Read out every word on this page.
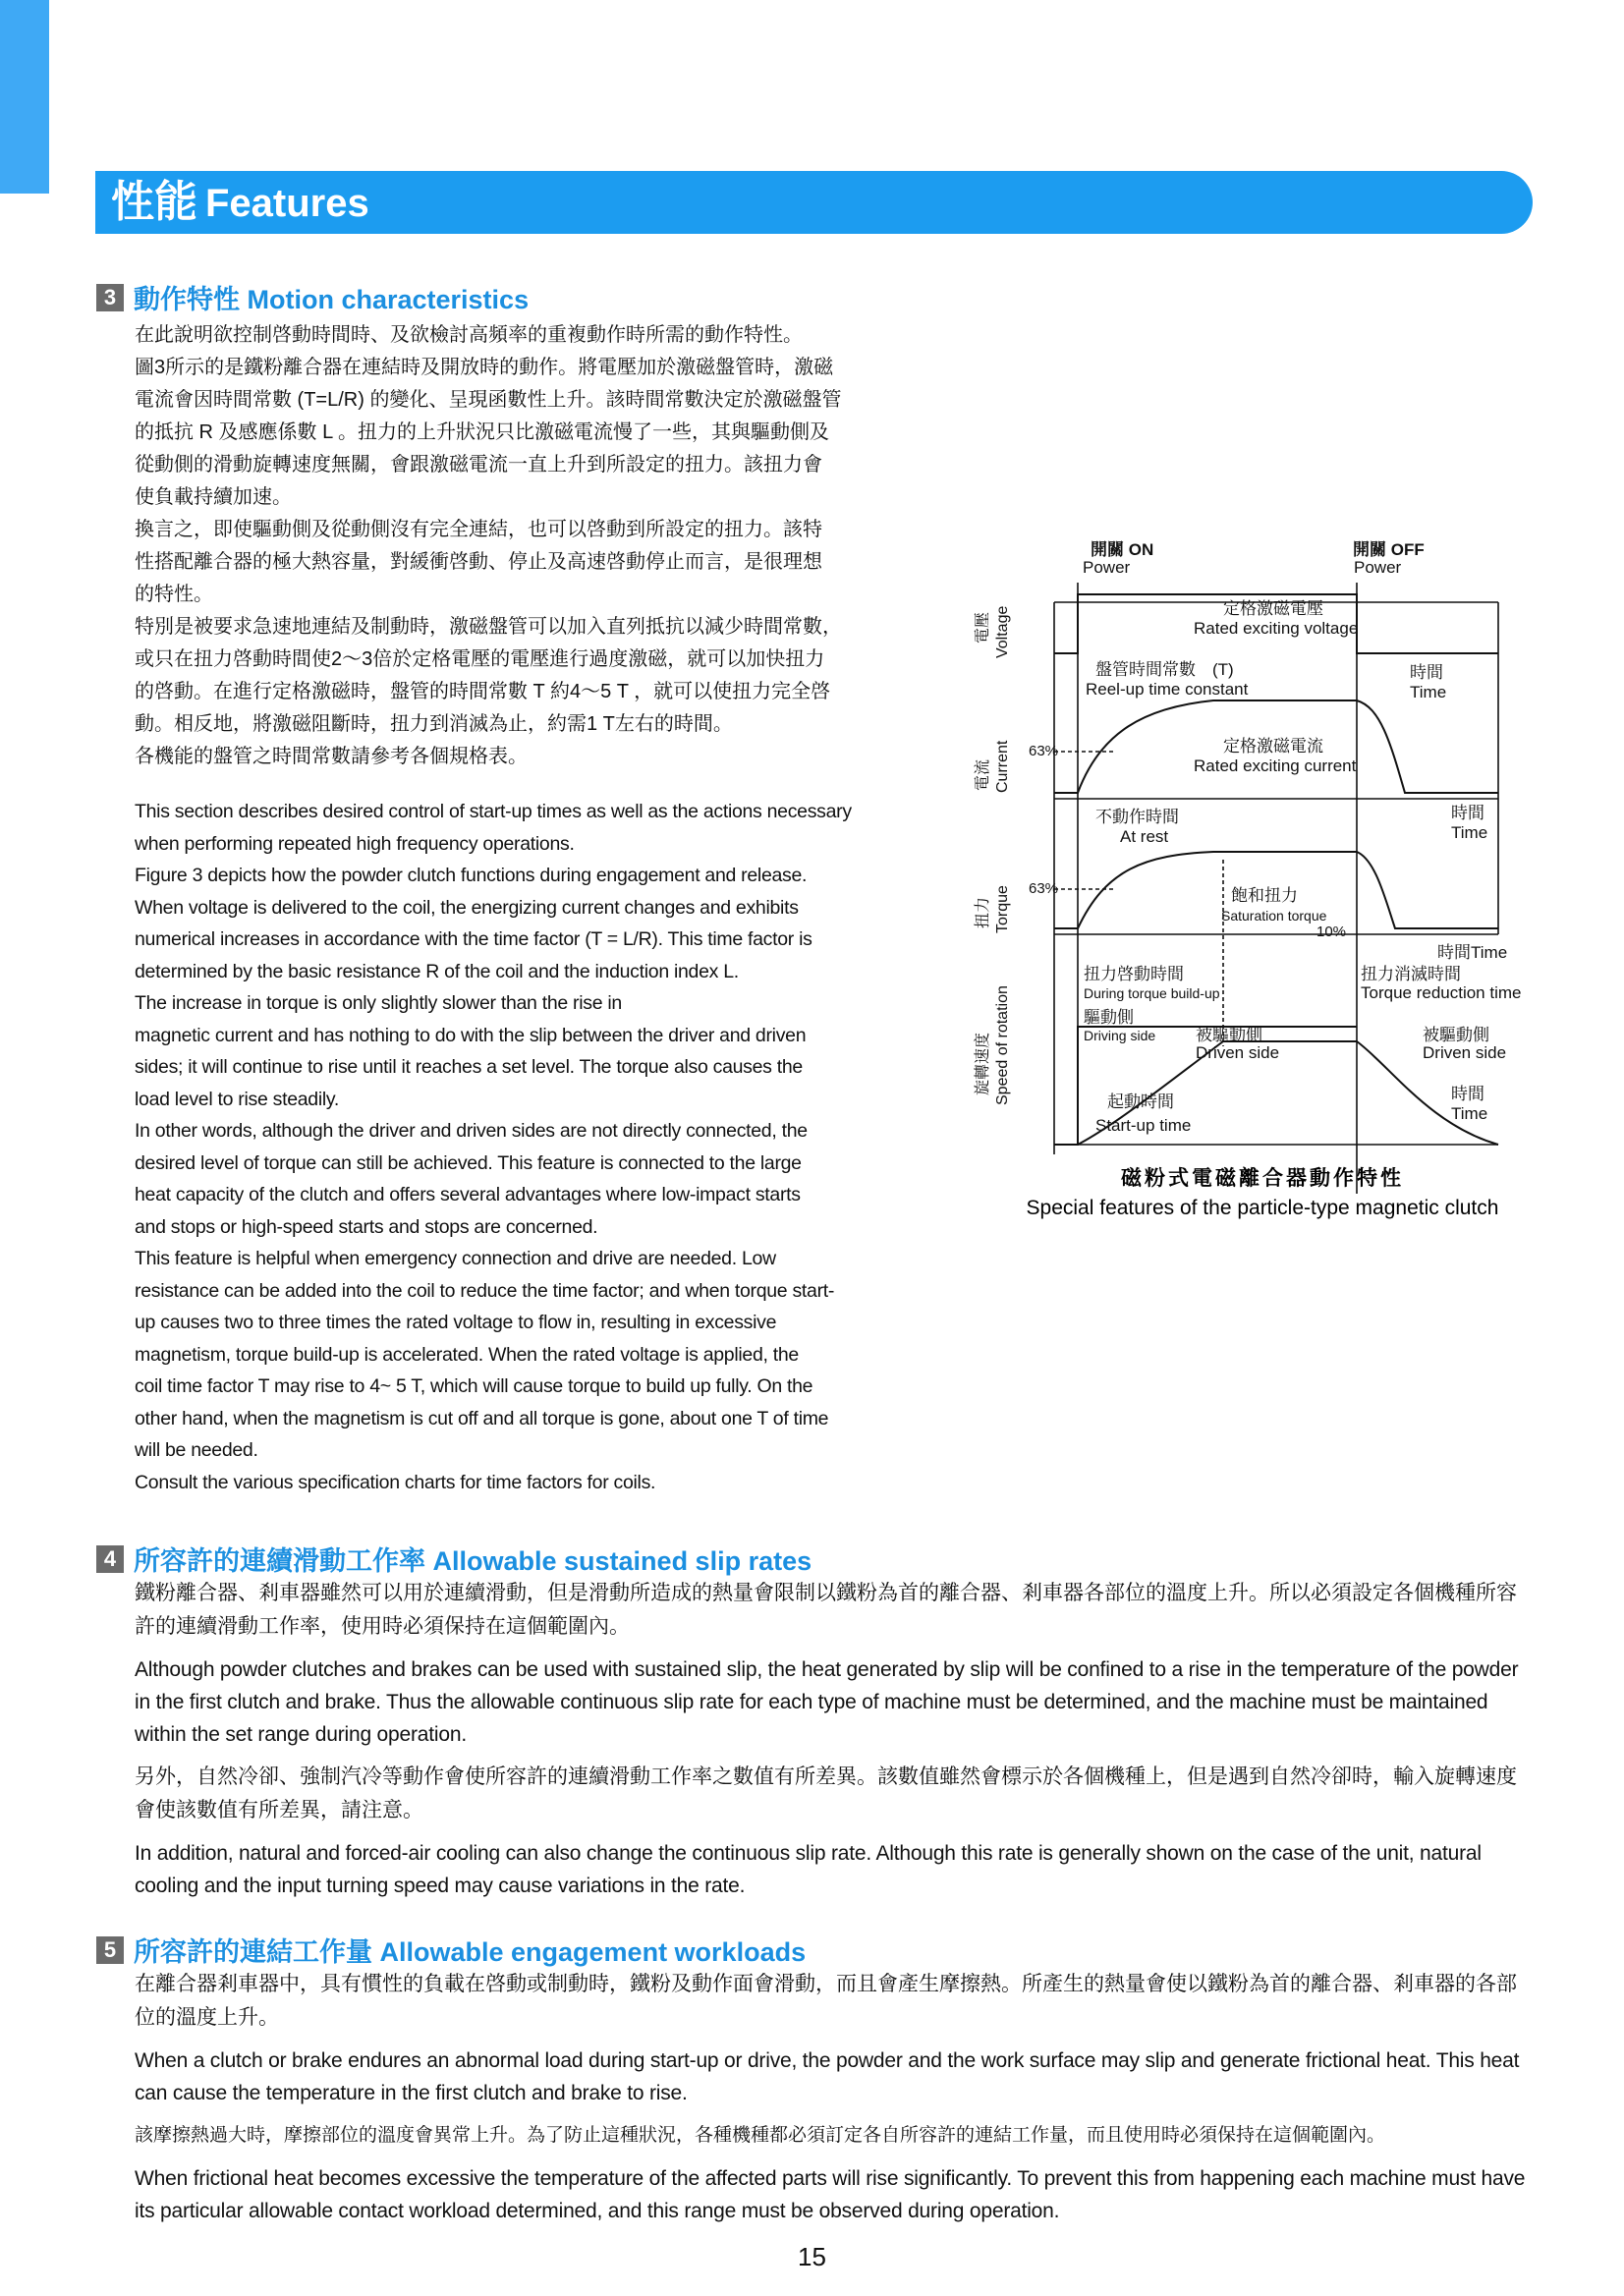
性能 Features
3 動作特性 Motion characteristics

在此說明欲控制啓動時間時、及欲檢討高頻率的重複動作時所需的動作特性。

圖3所示的是鐵粉離合器在連結時及開放時的動作。將電壓加於激磁盤管時，激磁

電流會因時間常數 (T=L/R) 的變化、呈現函數性上升。該時間常數決定於激磁盤管

的抵抗 R 及感應係數 L 。扭力的上升狀況只比激磁電流慢了一些，其與驅動側及

從動側的滑動旋轉速度無關，會跟激磁電流一直上升到所設定的扭力。該扭力會

使負載持續加速。

換言之，即使驅動側及從動側沒有完全連結，也可以啓動到所設定的扭力。該特

性搭配離合器的極大熱容量，對緩衝啓動、停止及高速啓動停止而言，是很理想

的特性。

特別是被要求急速地連結及制動時，激磁盤管可以加入直列抵抗以減少時間常數，

或只在扭力啓動時間使2～3倍於定格電壓的電壓進行過度激磁，就可以加快扭力

的啓動。在進行定格激磁時，盤管的時間常數 T 約4～5 T ，就可以使扭力完全啓

動。相反地，將激磁阻斷時，扭力到消滅為止，約需1 T左右的時間。

各機能的盤管之時間常數請參考各個規格表。

This section describes desired control of start-up times as well as the actions necessary

when performing repeated high frequency operations.

Figure 3 depicts how the powder clutch functions during engagement and release.

When voltage is delivered to the coil, the energizing current changes and exhibits

numerical increases in accordance with the time factor (T = L/R). This time factor is

determined by the basic resistance R of the coil and the induction index L.

The increase in torque is only slightly slower than the rise in

magnetic current and has nothing to do with the slip between the driver and driven

sides; it will continue to rise until it reaches a set level. The torque also causes the

load level to rise steadily.

In other words, although the driver and driven sides are not directly connected, the

desired level of torque can still be achieved. This feature is connected to the large

heat capacity of the clutch and offers several advantages where low-impact starts

and stops or high-speed starts and stops are concerned.

This feature is helpful when emergency connection and drive are needed. Low

resistance can be added into the coil to reduce the time factor; and when torque start-

up causes two to three times the rated voltage to flow in, resulting in excessive

magnetism, torque build-up is accelerated. When the rated voltage is applied, the

coil time factor T may rise to 4~ 5 T, which will cause torque to build up fully. On the

other hand, when the magnetism is cut off and all torque is gone, about one T of time

will be needed.

Consult the various specification charts for time factors for coils.

開關 ON
Power
開關 OFF
Power
定格激磁電壓
Rated exciting voltage
盤管時間常數　(T)
Reel-up time constant
定格激磁電流
Rated exciting current
63%
時間
Time
不動作時間
At rest
時間
Time
63%	飽和扭力
Saturation torque
10%
時間Time
扭力啓動時間
During torque build-up
扭力消滅時間
Torque reduction time
驅動側
Driving side 被驅動側
Driven side
被驅動側
Driven side
起動時間
Start-up time
時間
Time
電壓 Voltage
電流 Current
扭力 Torque
旋轉速度 Speed of rotation
磁粉式電磁離合器動作特性
Special features of the particle-type magnetic clutch
4 所容許的連續滑動工作率 Allowable sustained slip rates

鐵粉離合器、剎車器雖然可以用於連續滑動，但是滑動所造成的熱量會限制以鐵粉為首的離合器、剎車器各部位的溫度上升。所以必須設定各個機種所容許的連續滑動工作率，使用時必須保持在這個範圍內。

Although powder clutches and brakes can be used with sustained slip, the heat generated by slip will be confined to a rise in the temperature of the powder in the first clutch and brake. Thus the allowable continuous slip rate for each type of machine must be determined, and the machine must be maintained within the set range during operation.

另外，自然冷卻、強制汽冷等動作會使所容許的連續滑動工作率之數值有所差異。該數值雖然會標示於各個機種上，但是遇到自然冷卻時，輸入旋轉速度會使該數值有所差異，請注意。

In addition, natural and forced-air cooling can also change the continuous slip rate. Although this rate is generally shown on the case of the unit, natural cooling and the input turning speed may cause variations in the rate.

5 所容許的連結工作量 Allowable engagement workloads

在離合器剎車器中，具有慣性的負載在啓動或制動時，鐵粉及動作面會滑動，而且會產生摩擦熱。所產生的熱量會使以鐵粉為首的離合器、剎車器的各部位的溫度上升。

When a clutch or brake endures an abnormal load during start-up or drive, the powder and the work surface may slip and generate frictional heat. This heat can cause the temperature in the first clutch and brake to rise.

該摩擦熱過大時，摩擦部位的溫度會異常上升。為了防止這種狀況，各種機種都必須訂定各自所容許的連結工作量，而且使用時必須保持在這個範圍內。

When frictional heat becomes excessive the temperature of the affected parts will rise significantly. To prevent this from happening each machine must have its particular allowable contact workload determined, and this range must be observed during operation.

15
